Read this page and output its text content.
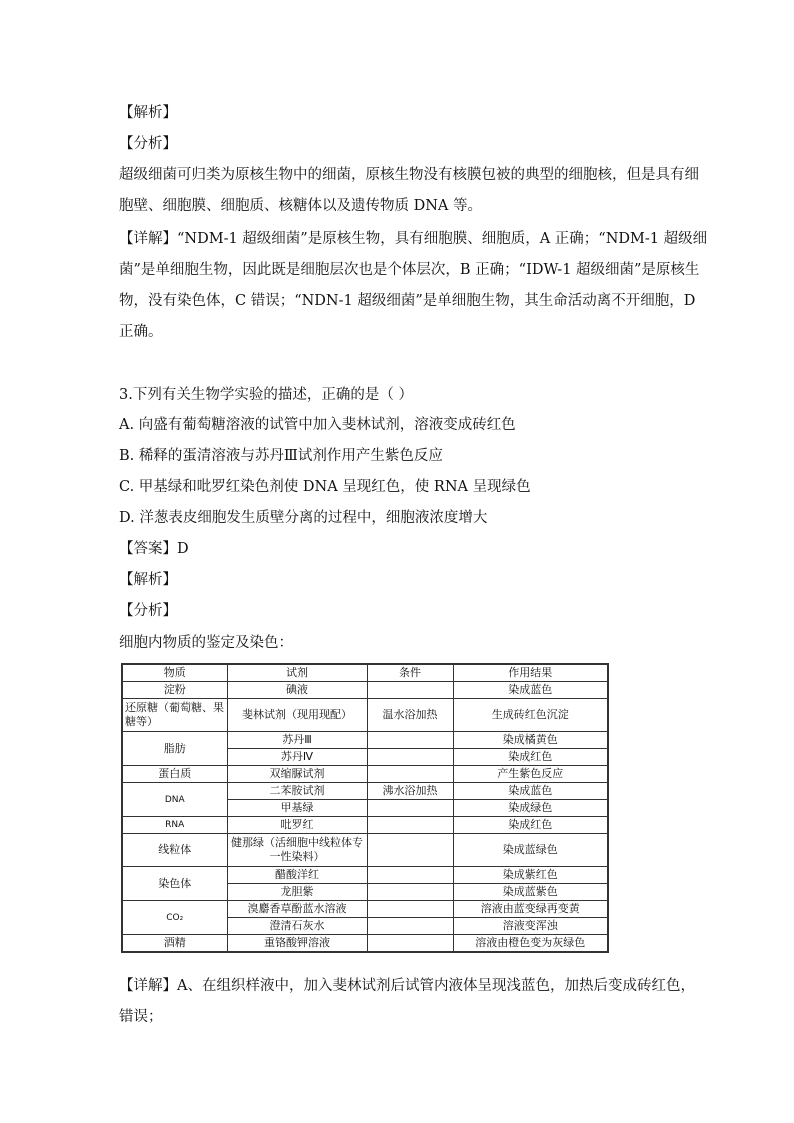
【解析】
【分析】
超级细菌可归类为原核生物中的细菌，原核生物没有核膜包被的典型的细胞核，但是具有细
胞壁、细胞膜、细胞质、核糖体以及遗传物质 DNA 等。
【详解】“NDM-1 超级细菌”是原核生物，具有细胞膜、细胞质，A 正确；“NDM-1 超级细
菌”是单细胞生物，因此既是细胞层次也是个体层次，B 正确；“IDW-1 超级细菌”是原核生
物，没有染色体，C 错误；“NDN-1 超级细菌”是单细胞生物，其生命活动离不开细胞，D
正确。
3.下列有关生物学实验的描述，正确的是（ ）
A. 向盛有葡萄糖溶液的试管中加入斐林试剂，溶液变成砖红色
B. 稀释的蛋清溶液与苏丹Ⅲ试剂作用产生紫色反应
C. 甲基绿和吡罗红染色剂使 DNA 呈现红色，使 RNA 呈现绿色
D. 洋葱表皮细胞发生质壁分离的过程中，细胞液浓度增大
【答案】D
【解析】
【分析】
细胞内物质的鉴定及染色：
物质	试剂	条件	作用结果
淀粉	碘液		染成蓝色
还原糖（葡萄糖、果糖等）	斐林试剂（现用现配）	温水浴加热	生成砖红色沉淀
脂肪	苏丹Ⅲ		染成橘黄色
	苏丹Ⅳ		染成红色
蛋白质	双缩脲试剂		产生紫色反应
DNA	二苯胺试剂	沸水浴加热	染成蓝色
	甲基绿		染成绿色
RNA	吡罗红		染成红色
线粒体	健那绿（活细胞中线粒体专一性染料）		染成蓝绿色
染色体	醋酸洋红		染成紫红色
	龙胆紫		染成蓝紫色
CO₂	溴麝香草酚蓝水溶液		溶液由蓝变绿再变黄
	澄清石灰水		溶液变浑浊
酒精	重铬酸钾溶液		溶液由橙色变为灰绿色
【详解】A、在组织样液中，加入斐林试剂后试管内液体呈现浅蓝色，加热后变成砖红色，
错误；
